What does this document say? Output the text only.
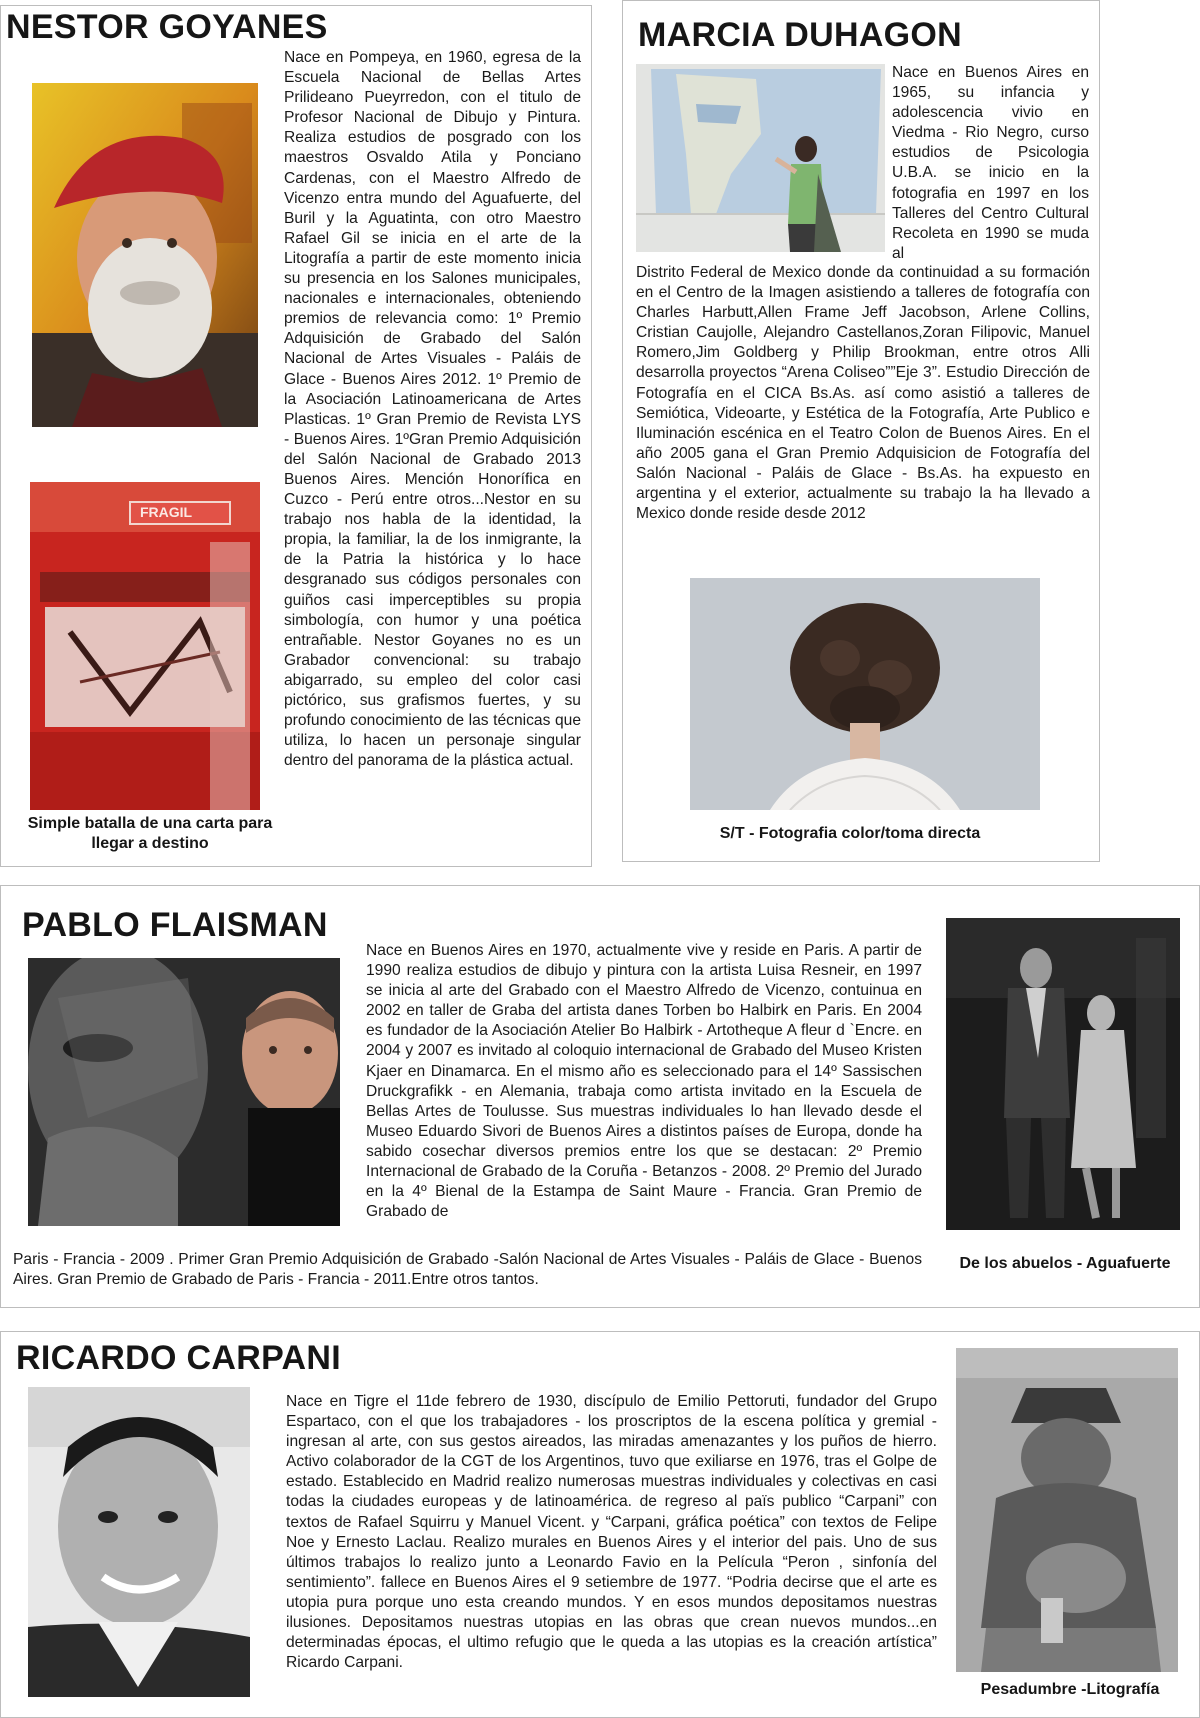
NESTOR GOYANES
FRAGIL

Simple batalla de una carta para llegar a destino

Nace en Pompeya, en 1960, egresa de la Escuela Nacional de Bellas Artes Prilideano Pueyrredon, con el titulo de Profesor Nacional de Dibujo y Pintura. Realiza estudios de posgrado con los maestros Osvaldo Atila y Ponciano Cardenas, con el Maestro Alfredo de Vicenzo entra mundo del Aguafuerte, del Buril y la Aguatinta, con otro Maestro Rafael Gil se inicia en el arte de la Litografía a partir de este momento inicia su presencia en los Salones municipales, nacionales e internacionales, obteniendo premios de relevancia como: 1º Premio Adquisición de Grabado del Salón Nacional de Artes Visuales - Paláis de Glace - Buenos Aires 2012. 1º Premio de la Asociación Latinoamericana de Artes Plasticas. 1º Gran Premio de Revista LYS - Buenos Aires. 1ºGran Premio Adquisición del Salón Nacional de Grabado 2013 Buenos Aires. Mención Honorífica en Cuzco - Perú entre otros...Nestor en su trabajo nos habla de la identidad, la propia, la familiar, la de los inmigrante, la de la Patria la histórica y lo hace desgranado sus códigos personales con guiños casi imperceptibles su propia simbología, con humor y una poética entrañable. Nestor Goyanes no es un Grabador convencional: su trabajo abigarrado, su empleo del color casi pictórico, sus grafismos fuertes, y su profundo conocimiento de las técnicas que utiliza, lo hacen un personaje singular dentro del panorama de la plástica actual.

MARCIA DUHAGON

Nace en Buenos Aires en 1965, su infancia y adolescencia vivio en Viedma - Rio Negro, curso estudios de Psicologia U.B.A. se inicio en la fotografia en 1997 en los Talleres del Centro Cultural Recoleta en 1990 se muda al

Distrito Federal de Mexico donde da continuidad a su formación en el Centro de la Imagen asistiendo a talleres de fotografía con Charles Harbutt,Allen Frame Jeff Jacobson, Arlene Collins, Cristian Caujolle, Alejandro Castellanos,Zoran Filipovic, Manuel Romero,Jim Goldberg y Philip Brookman, entre otros Alli desarrolla proyectos “Arena Coliseo””Eje 3”. Estudio Dirección de Fotografía en el CICA Bs.As. así como asistió a talleres de Semiótica, Videoarte, y Estética de la Fotografía, Arte Publico e Iluminación escénica en el Teatro Colon de Buenos Aires. En el año 2005 gana el Gran Premio Adquisicion de Fotografía del Salón Nacional - Paláis de Glace - Bs.As. ha expuesto en argentina y el exterior, actualmente su trabajo la ha llevado a Mexico donde reside desde 2012

S/T - Fotografia color/toma directa

PABLO FLAISMAN

Nace en Buenos Aires en 1970, actualmente vive y reside en Paris. A partir de 1990 realiza estudios de dibujo y pintura con la artista Luisa Resneir, en 1997 se inicia al arte del Grabado con el Maestro Alfredo de Vicenzo, contuinua en 2002 en taller de Graba del artista danes Torben bo Halbirk en Paris. En 2004 es fundador de la Asociación Atelier Bo Halbirk - Artotheque A fleur d `Encre. en 2004 y 2007 es invitado al coloquio internacional de Grabado del Museo Kristen Kjaer en Dinamarca. En el mismo año es seleccionado para el 14º Sassischen Druckgrafikk - en Alemania, trabaja como artista invitado en la Escuela de Bellas Artes de Toulusse. Sus muestras individuales lo han llevado desde el Museo Eduardo Sivori de Buenos Aires a distintos países de Europa, donde ha sabido cosechar diversos premios entre los que se destacan: 2º Premio Internacional de Grabado de la Coruña - Betanzos - 2008. 2º Premio del Jurado en la 4º Bienal de la Estampa de Saint Maure - Francia. Gran Premio de Grabado de

Paris - Francia - 2009 . Primer Gran Premio Adquisición de Grabado -Salón Nacional de Artes Visuales - Paláis de Glace - Buenos Aires. Gran Premio de Grabado de Paris - Francia - 2011.Entre otros tantos.

De los abuelos - Aguafuerte

RICARDO CARPANI

Nace en Tigre el 11de febrero de 1930, discípulo de Emilio Pettoruti, fundador del Grupo Espartaco, con el que los trabajadores - los proscriptos de la escena política y gremial - ingresan al arte, con sus gestos aireados, las miradas amenazantes y los puños de hierro. Activo colaborador de la CGT de los Argentinos, tuvo que exiliarse en 1976, tras el Golpe de estado. Establecido en Madrid realizo numerosas muestras individuales y colectivas en casi todas la ciudades europeas y de latinoamérica. de regreso al païs publico “Carpani” con textos de Rafael Squirru y Manuel Vicent. y “Carpani, gráfica poética” con textos de Felipe Noe y Ernesto Laclau. Realizo murales en Buenos Aires y el interior del pais. Uno de sus últimos trabajos lo realizo junto a Leonardo Favio en la Película “Peron , sinfonía del sentimiento”. fallece en Buenos Aires el 9 setiembre de 1977. “Podria decirse que el arte es utopia pura porque uno esta creando mundos. Y en esos mundos depositamos nuestras ilusiones. Depositamos nuestras utopias en las obras que crean nuevos mundos...en determinadas épocas, el ultimo refugio que le queda a las utopias es la creación artística” Ricardo Carpani.

Pesadumbre -Litografía
